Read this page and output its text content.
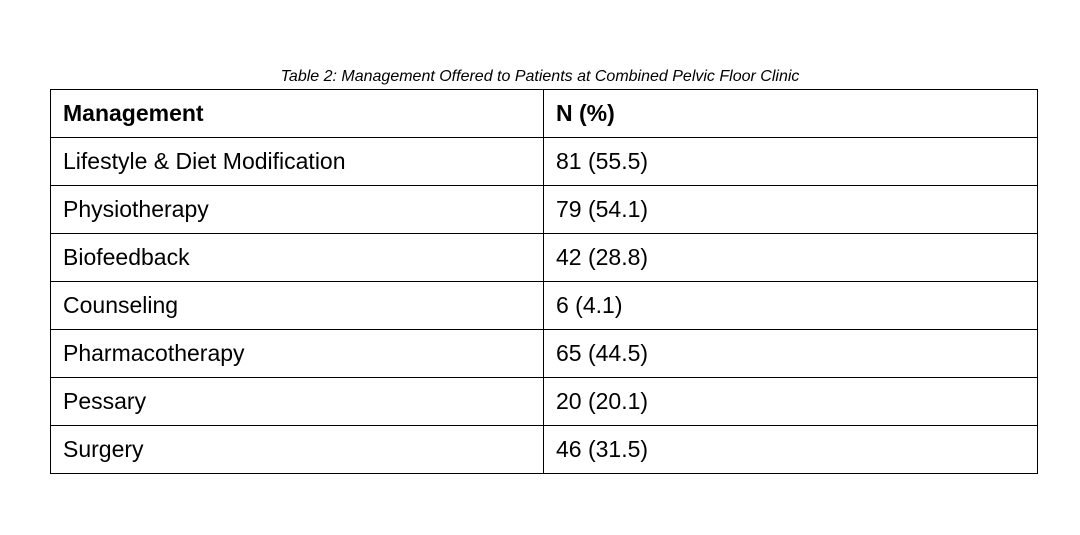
Table 2: Management Offered to Patients at Combined Pelvic Floor Clinic
Management	N (%)
Lifestyle & Diet Modification	81 (55.5)
Physiotherapy	79 (54.1)
Biofeedback	42 (28.8)
Counseling	6 (4.1)
Pharmacotherapy	65 (44.5)
Pessary	20 (20.1)
Surgery	46 (31.5)
